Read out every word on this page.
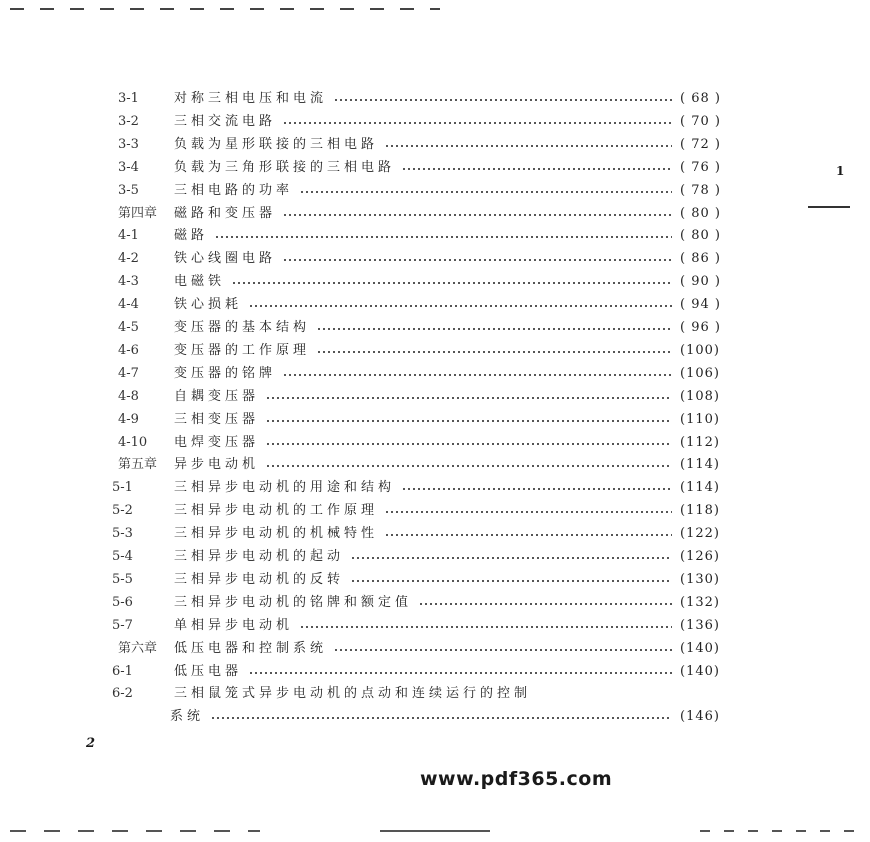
3-1	对称三相电压和电流	( 68 )
3-2	三相交流电路	( 70 )
3-3	负载为星形联接的三相电路	( 72 )
3-4	负载为三角形联接的三相电路	( 76 )
3-5	三相电路的功率	( 78 )
第四章	磁路和变压器	( 80 )
4-1	磁路	( 80 )
4-2	铁心线圈电路	( 86 )
4-3	电磁铁	( 90 )
4-4	铁心损耗	( 94 )
4-5	变压器的基本结构	( 96 )
4-6	变压器的工作原理	(100)
4-7	变压器的铭牌	(106)
4-8	自耦变压器	(108)
4-9	三相变压器	(110)
4-10	电焊变压器	(112)
第五章	异步电动机	(114)
5-1	三相异步电动机的用途和结构	(114)
5-2	三相异步电动机的工作原理	(118)
5-3	三相异步电动机的机械特性	(122)
5-4	三相异步电动机的起动	(126)
5-5	三相异步电动机的反转	(130)
5-6	三相异步电动机的铭牌和额定值	(132)
5-7	单相异步电动机	(136)
第六章	低压电器和控制系统	(140)
6-1	低压电器	(140)
6-2	三相鼠笼式异步电动机的点动和连续运行的控制
系统	(146)
1
2
www.pdf365.com
